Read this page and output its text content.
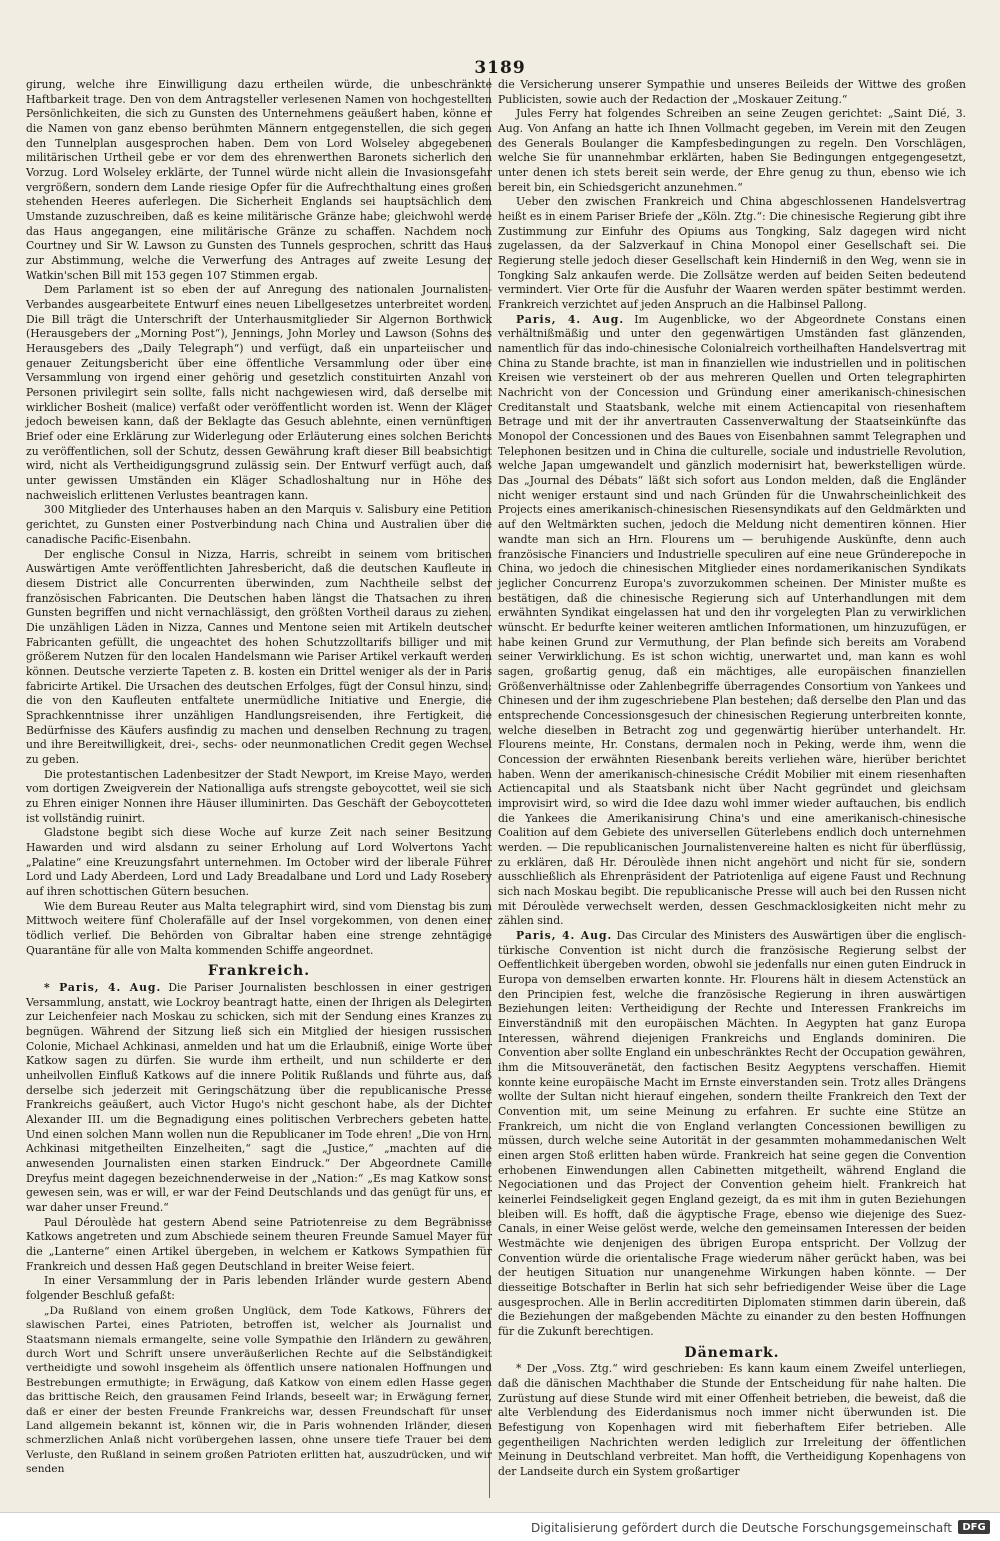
3189

girung, welche ihre Einwilligung dazu ertheilen würde, die unbeschränkte Haftbarkeit trage. Den von dem Antragsteller verlesenen Namen von hochgestellten Persönlichkeiten, die sich zu Gunsten des Unternehmens geäußert haben, könne er die Namen von ganz ebenso berühmten Männern entgegenstellen, die sich gegen den Tunnelplan ausgesprochen haben. Dem von Lord Wolseley abgegebenen militärischen Urtheil gebe er vor dem des ehrenwerthen Baronets sicherlich den Vorzug. Lord Wolseley erklärte, der Tunnel würde nicht allein die Invasionsgefahr vergrößern, sondern dem Lande riesige Opfer für die Aufrechthaltung eines großen stehenden Heeres auferlegen. Die Sicherheit Englands sei hauptsächlich dem Umstande zuzuschreiben, daß es keine militärische Gränze habe; gleichwohl werde das Haus angegangen, eine militärische Gränze zu schaffen. Nachdem noch Courtney und Sir W. Lawson zu Gunsten des Tunnels gesprochen, schritt das Haus zur Abstimmung, welche die Verwerfung des Antrages auf zweite Lesung der Watkin'schen Bill mit 153 gegen 107 Stimmen ergab.

Dem Parlament ist so eben der auf Anregung des nationalen Journalisten-Verbandes ausgearbeitete Entwurf eines neuen Libellgesetzes unterbreitet worden. Die Bill trägt die Unterschrift der Unterhausmitglieder Sir Algernon Borthwick (Herausgebers der „Morning Post“), Jennings, John Morley und Lawson (Sohns des Herausgebers des „Daily Telegraph“) und verfügt, daß ein unparteiischer und genauer Zeitungsbericht über eine öffentliche Versammlung oder über eine Versammlung von irgend einer gehörig und gesetzlich constituirten Anzahl von Personen privilegirt sein sollte, falls nicht nachgewiesen wird, daß derselbe mit wirklicher Bosheit (malice) verfaßt oder veröffentlicht worden ist. Wenn der Kläger jedoch beweisen kann, daß der Beklagte das Gesuch ablehnte, einen vernünftigen Brief oder eine Erklärung zur Widerlegung oder Erläuterung eines solchen Berichts zu veröffentlichen, soll der Schutz, dessen Gewährung kraft dieser Bill beabsichtigt wird, nicht als Vertheidigungsgrund zulässig sein. Der Entwurf verfügt auch, daß unter gewissen Umständen ein Kläger Schadloshaltung nur in Höhe des nachweislich erlittenen Verlustes beantragen kann.

300 Mitglieder des Unterhauses haben an den Marquis v. Salisbury eine Petition gerichtet, zu Gunsten einer Postverbindung nach China und Australien über die canadische Pacific-Eisenbahn.

Der englische Consul in Nizza, Harris, schreibt in seinem vom britischen Auswärtigen Amte veröffentlichten Jahresbericht, daß die deutschen Kaufleute in diesem District alle Concurrenten überwinden, zum Nachtheile selbst der französischen Fabricanten. Die Deutschen haben längst die Thatsachen zu ihren Gunsten begriffen und nicht vernachlässigt, den größten Vortheil daraus zu ziehen. Die unzähligen Läden in Nizza, Cannes und Mentone seien mit Artikeln deutscher Fabricanten gefüllt, die ungeachtet des hohen Schutzzolltarifs billiger und mit größerem Nutzen für den localen Handelsmann wie Pariser Artikel verkauft werden können. Deutsche verzierte Tapeten z. B. kosten ein Drittel weniger als der in Paris fabricirte Artikel. Die Ursachen des deutschen Erfolges, fügt der Consul hinzu, sind: die von den Kaufleuten entfaltete unermüdliche Initiative und Energie, die Sprachkenntnisse ihrer unzähligen Handlungsreisenden, ihre Fertigkeit, die Bedürfnisse des Käufers ausfindig zu machen und denselben Rechnung zu tragen, und ihre Bereitwilligkeit, drei-, sechs- oder neunmonatlichen Credit gegen Wechsel zu geben.

Die protestantischen Ladenbesitzer der Stadt Newport, im Kreise Mayo, werden vom dortigen Zweigverein der Nationalliga aufs strengste geboycottet, weil sie sich zu Ehren einiger Nonnen ihre Häuser illuminirten. Das Geschäft der Geboycotteten ist vollständig ruinirt.

Gladstone begibt sich diese Woche auf kurze Zeit nach seiner Besitzung Hawarden und wird alsdann zu seiner Erholung auf Lord Wolvertons Yacht „Palatine“ eine Kreuzungsfahrt unternehmen. Im October wird der liberale Führer Lord und Lady Aberdeen, Lord und Lady Breadalbane und Lord und Lady Rosebery auf ihren schottischen Gütern besuchen.

Wie dem Bureau Reuter aus Malta telegraphirt wird, sind vom Dienstag bis zum Mittwoch weitere fünf Cholerafälle auf der Insel vorgekommen, von denen einer tödlich verlief. Die Behörden von Gibraltar haben eine strenge zehntägige Quarantäne für alle von Malta kommenden Schiffe angeordnet.

Frankreich.

* Paris, 4. Aug. Die Pariser Journalisten beschlossen in einer gestrigen Versammlung, anstatt, wie Lockroy beantragt hatte, einen der Ihrigen als Delegirten zur Leichenfeier nach Moskau zu schicken, sich mit der Sendung eines Kranzes zu begnügen. Während der Sitzung ließ sich ein Mitglied der hiesigen russischen Colonie, Michael Achkinasi, anmelden und hat um die Erlaubniß, einige Worte über Katkow sagen zu dürfen. Sie wurde ihm ertheilt, und nun schilderte er den unheilvollen Einfluß Katkows auf die innere Politik Rußlands und führte aus, daß derselbe sich jederzeit mit Geringschätzung über die republicanische Presse Frankreichs geäußert, auch Victor Hugo's nicht geschont habe, als der Dichter Alexander III. um die Begnadigung eines politischen Verbrechers gebeten hatte. Und einen solchen Mann wollen nun die Republicaner im Tode ehren! „Die von Hrn. Achkinasi mitgetheilten Einzelheiten,“ sagt die „Justice,“ „machten auf die anwesenden Journalisten einen starken Eindruck.“ Der Abgeordnete Camille Dreyfus meint dagegen bezeichnenderweise in der „Nation:“ „Es mag Katkow sonst gewesen sein, was er will, er war der Feind Deutschlands und das genügt für uns, er war daher unser Freund.“

Paul Déroulède hat gestern Abend seine Patriotenreise zu dem Begräbnisse Katkows angetreten und zum Abschiede seinem theuren Freunde Samuel Mayer für die „Lanterne“ einen Artikel übergeben, in welchem er Katkows Sympathien für Frankreich und dessen Haß gegen Deutschland in breiter Weise feiert.

In einer Versammlung der in Paris lebenden Irländer wurde gestern Abend folgender Beschluß gefaßt:

„Da Rußland von einem großen Unglück, dem Tode Katkows, Führers der slawischen Partei, eines Patrioten, betroffen ist, welcher als Journalist und Staatsmann niemals ermangelte, seine volle Sympathie den Irländern zu gewähren, durch Wort und Schrift unsere unveräußerlichen Rechte auf die Selbständigkeit vertheidigte und sowohl insgeheim als öffentlich unsere nationalen Hoffnungen und Bestrebungen ermuthigte; in Erwägung, daß Katkow von einem edlen Hasse gegen das brittische Reich, den grausamen Feind Irlands, beseelt war; in Erwägung ferner, daß er einer der besten Freunde Frankreichs war, dessen Freundschaft für unser Land allgemein bekannt ist, können wir, die in Paris wohnenden Irländer, diesen schmerzlichen Anlaß nicht vorübergehen lassen, ohne unsere tiefe Trauer bei dem Verluste, den Rußland in seinem großen Patrioten erlitten hat, auszudrücken, und wir senden

die Versicherung unserer Sympathie und unseres Beileids der Wittwe des großen Publicisten, sowie auch der Redaction der „Moskauer Zeitung.“

Jules Ferry hat folgendes Schreiben an seine Zeugen gerichtet: „Saint Dié, 3. Aug. Von Anfang an hatte ich Ihnen Vollmacht gegeben, im Verein mit den Zeugen des Generals Boulanger die Kampfesbedingungen zu regeln. Den Vorschlägen, welche Sie für unannehmbar erklärten, haben Sie Bedingungen entgegengesetzt, unter denen ich stets bereit sein werde, der Ehre genug zu thun, ebenso wie ich bereit bin, ein Schiedsgericht anzunehmen.“

Ueber den zwischen Frankreich und China abgeschlossenen Handelsvertrag heißt es in einem Pariser Briefe der „Köln. Ztg.“: Die chinesische Regierung gibt ihre Zustimmung zur Einfuhr des Opiums aus Tongking, Salz dagegen wird nicht zugelassen, da der Salzverkauf in China Monopol einer Gesellschaft sei. Die Regierung stelle jedoch dieser Gesellschaft kein Hinderniß in den Weg, wenn sie in Tongking Salz ankaufen werde. Die Zollsätze werden auf beiden Seiten bedeutend vermindert. Vier Orte für die Ausfuhr der Waaren werden später bestimmt werden. Frankreich verzichtet auf jeden Anspruch an die Halbinsel Pallong.

Paris, 4. Aug. Im Augenblicke, wo der Abgeordnete Constans einen verhältnißmäßig und unter den gegenwärtigen Umständen fast glänzenden, namentlich für das indo-chinesische Colonialreich vortheilhaften Handelsvertrag mit China zu Stande brachte, ist man in finanziellen wie industriellen und in politischen Kreisen wie versteinert ob der aus mehreren Quellen und Orten telegraphirten Nachricht von der Concession und Gründung einer amerikanisch-chinesischen Creditanstalt und Staatsbank, welche mit einem Actiencapital von riesenhaftem Betrage und mit der ihr anvertrauten Cassenverwaltung der Staatseinkünfte das Monopol der Concessionen und des Baues von Eisenbahnen sammt Telegraphen und Telephonen besitzen und in China die culturelle, sociale und industrielle Revolution, welche Japan umgewandelt und gänzlich modernisirt hat, bewerkstelligen würde. Das „Journal des Débats“ läßt sich sofort aus London melden, daß die Engländer nicht weniger erstaunt sind und nach Gründen für die Unwahrscheinlichkeit des Projects eines amerikanisch-chinesischen Riesensyndikats auf den Geldmärkten und auf den Weltmärkten suchen, jedoch die Meldung nicht dementiren können. Hier wandte man sich an Hrn. Flourens um — beruhigende Auskünfte, denn auch französische Financiers und Industrielle speculiren auf eine neue Gründerepoche in China, wo jedoch die chinesischen Mitglieder eines nordamerikanischen Syndikats jeglicher Concurrenz Europa's zuvorzukommen scheinen. Der Minister mußte es bestätigen, daß die chinesische Regierung sich auf Unterhandlungen mit dem erwähnten Syndikat eingelassen hat und den ihr vorgelegten Plan zu verwirklichen wünscht. Er bedurfte keiner weiteren amtlichen Informationen, um hinzuzufügen, er habe keinen Grund zur Vermuthung, der Plan befinde sich bereits am Vorabend seiner Verwirklichung. Es ist schon wichtig, unerwartet und, man kann es wohl sagen, großartig genug, daß ein mächtiges, alle europäischen finanziellen Größenverhältnisse oder Zahlenbegriffe überragendes Consortium von Yankees und Chinesen und der ihm zugeschriebene Plan bestehen; daß derselbe den Plan und das entsprechende Concessionsgesuch der chinesischen Regierung unterbreiten konnte, welche dieselben in Betracht zog und gegenwärtig hierüber unterhandelt. Hr. Flourens meinte, Hr. Constans, dermalen noch in Peking, werde ihm, wenn die Concession der erwähnten Riesenbank bereits verliehen wäre, hierüber berichtet haben. Wenn der amerikanisch-chinesische Crédit Mobilier mit einem riesenhaften Actiencapital und als Staatsbank nicht über Nacht gegründet und gleichsam improvisirt wird, so wird die Idee dazu wohl immer wieder auftauchen, bis endlich die Yankees die Amerikanisirung China's und eine amerikanisch-chinesische Coalition auf dem Gebiete des universellen Güterlebens endlich doch unternehmen werden. — Die republicanischen Journalistenvereine halten es nicht für überflüssig, zu erklären, daß Hr. Déroulède ihnen nicht angehört und nicht für sie, sondern ausschließlich als Ehrenpräsident der Patriotenliga auf eigene Faust und Rechnung sich nach Moskau begibt. Die republicanische Presse will auch bei den Russen nicht mit Déroulède verwechselt werden, dessen Geschmacklosigkeiten nicht mehr zu zählen sind.

Paris, 4. Aug. Das Circular des Ministers des Auswärtigen über die englisch-türkische Convention ist nicht durch die französische Regierung selbst der Oeffentlichkeit übergeben worden, obwohl sie jedenfalls nur einen guten Eindruck in Europa von demselben erwarten konnte. Hr. Flourens hält in diesem Actenstück an den Principien fest, welche die französische Regierung in ihren auswärtigen Beziehungen leiten: Vertheidigung der Rechte und Interessen Frankreichs im Einverständniß mit den europäischen Mächten. In Aegypten hat ganz Europa Interessen, während diejenigen Frankreichs und Englands dominiren. Die Convention aber sollte England ein unbeschränktes Recht der Occupation gewähren, ihm die Mitsouveränetät, den factischen Besitz Aegyptens verschaffen. Hiemit konnte keine europäische Macht im Ernste einverstanden sein. Trotz alles Drängens wollte der Sultan nicht hierauf eingehen, sondern theilte Frankreich den Text der Convention mit, um seine Meinung zu erfahren. Er suchte eine Stütze an Frankreich, um nicht die von England verlangten Concessionen bewilligen zu müssen, durch welche seine Autorität in der gesammten mohammedanischen Welt einen argen Stoß erlitten haben würde. Frankreich hat seine gegen die Convention erhobenen Einwendungen allen Cabinetten mitgetheilt, während England die Negociationen und das Project der Convention geheim hielt. Frankreich hat keinerlei Feindseligkeit gegen England gezeigt, da es mit ihm in guten Beziehungen bleiben will. Es hofft, daß die ägyptische Frage, ebenso wie diejenige des Suez-Canals, in einer Weise gelöst werde, welche den gemeinsamen Interessen der beiden Westmächte wie denjenigen des übrigen Europa entspricht. Der Vollzug der Convention würde die orientalische Frage wiederum näher gerückt haben, was bei der heutigen Situation nur unangenehme Wirkungen haben könnte. — Der diesseitige Botschafter in Berlin hat sich sehr befriedigender Weise über die Lage ausgesprochen. Alle in Berlin accreditirten Diplomaten stimmen darin überein, daß die Beziehungen der maßgebenden Mächte zu einander zu den besten Hoffnungen für die Zukunft berechtigen.

Dänemark.

* Der „Voss. Ztg.“ wird geschrieben: Es kann kaum einem Zweifel unterliegen, daß die dänischen Machthaber die Stunde der Entscheidung für nahe halten. Die Zurüstung auf diese Stunde wird mit einer Offenheit betrieben, die beweist, daß die alte Verblendung des Eiderdanismus noch immer nicht überwunden ist. Die Befestigung von Kopenhagen wird mit fieberhaftem Eifer betrieben. Alle gegentheiligen Nachrichten werden lediglich zur Irreleitung der öffentlichen Meinung in Deutschland verbreitet. Man hofft, die Vertheidigung Kopenhagens von der Landseite durch ein System großartiger

Digitalisierung gefördert durch die Deutsche Forschungsgemeinschaft	DFG
